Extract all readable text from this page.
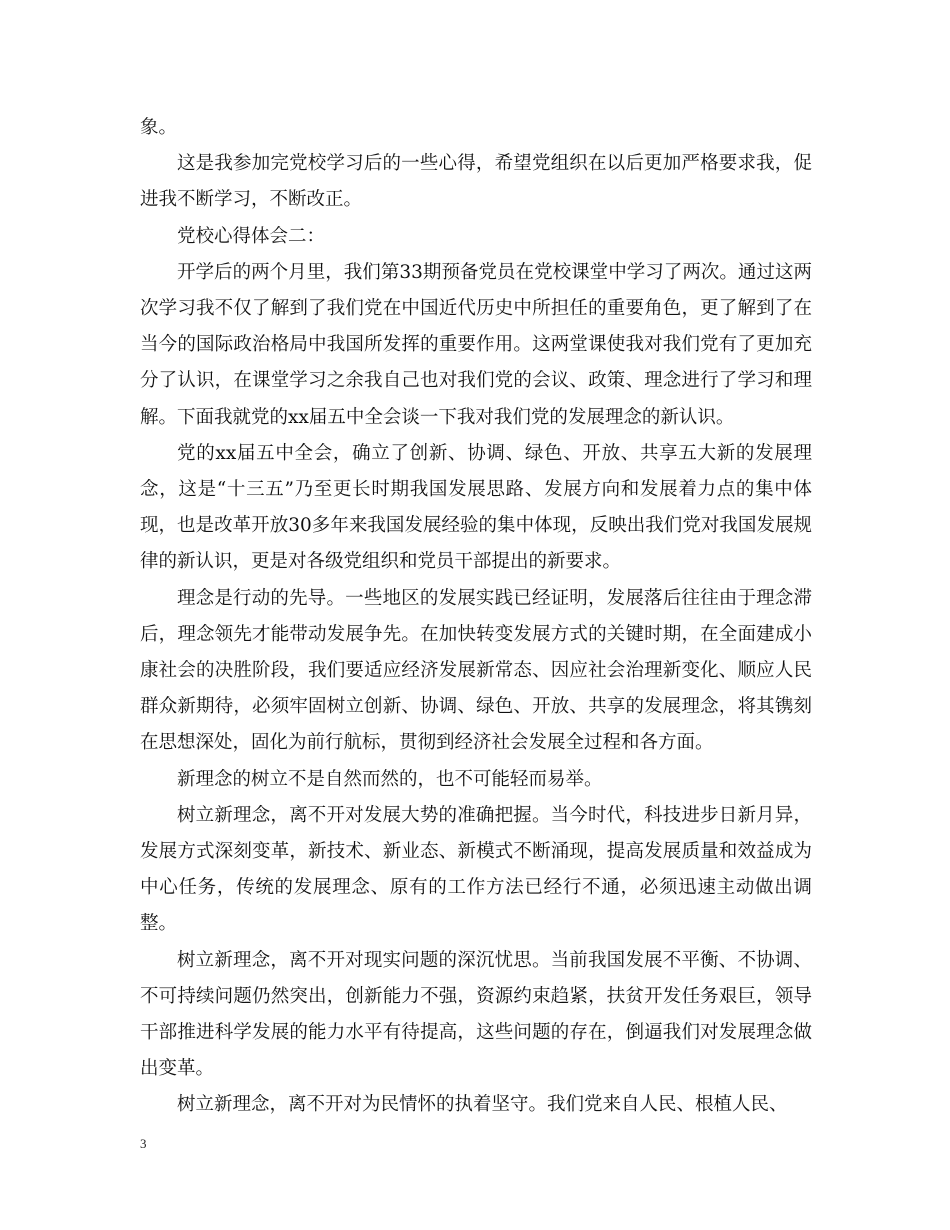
象。

这是我参加完党校学习后的一些心得，希望党组织在以后更加严格要求我，促进我不断学习，不断改正。

党校心得体会二：

开学后的两个月里，我们第33期预备党员在党校课堂中学习了两次。通过这两次学习我不仅了解到了我们党在中国近代历史中所担任的重要角色，更了解到了在当今的国际政治格局中我国所发挥的重要作用。这两堂课使我对我们党有了更加充分了认识，在课堂学习之余我自己也对我们党的会议、政策、理念进行了学习和理解。下面我就党的xx届五中全会谈一下我对我们党的发展理念的新认识。

党的xx届五中全会，确立了创新、协调、绿色、开放、共享五大新的发展理念，这是“十三五”乃至更长时期我国发展思路、发展方向和发展着力点的集中体现，也是改革开放30多年来我国发展经验的集中体现，反映出我们党对我国发展规律的新认识，更是对各级党组织和党员干部提出的新要求。

理念是行动的先导。一些地区的发展实践已经证明，发展落后往往由于理念滞后，理念领先才能带动发展争先。在加快转变发展方式的关键时期，在全面建成小康社会的决胜阶段，我们要适应经济发展新常态、因应社会治理新变化、顺应人民群众新期待，必须牢固树立创新、协调、绿色、开放、共享的发展理念，将其镌刻在思想深处，固化为前行航标，贯彻到经济社会发展全过程和各方面。

新理念的树立不是自然而然的，也不可能轻而易举。

树立新理念，离不开对发展大势的准确把握。当今时代，科技进步日新月异，发展方式深刻变革，新技术、新业态、新模式不断涌现，提高发展质量和效益成为中心任务，传统的发展理念、原有的工作方法已经行不通，必须迅速主动做出调整。

树立新理念，离不开对现实问题的深沉忧思。当前我国发展不平衡、不协调、不可持续问题仍然突出，创新能力不强，资源约束趋紧，扶贫开发任务艰巨，领导干部推进科学发展的能力水平有待提高，这些问题的存在，倒逼我们对发展理念做出变革。

树立新理念，离不开对为民情怀的执着坚守。我们党来自人民、根植人民、

3
